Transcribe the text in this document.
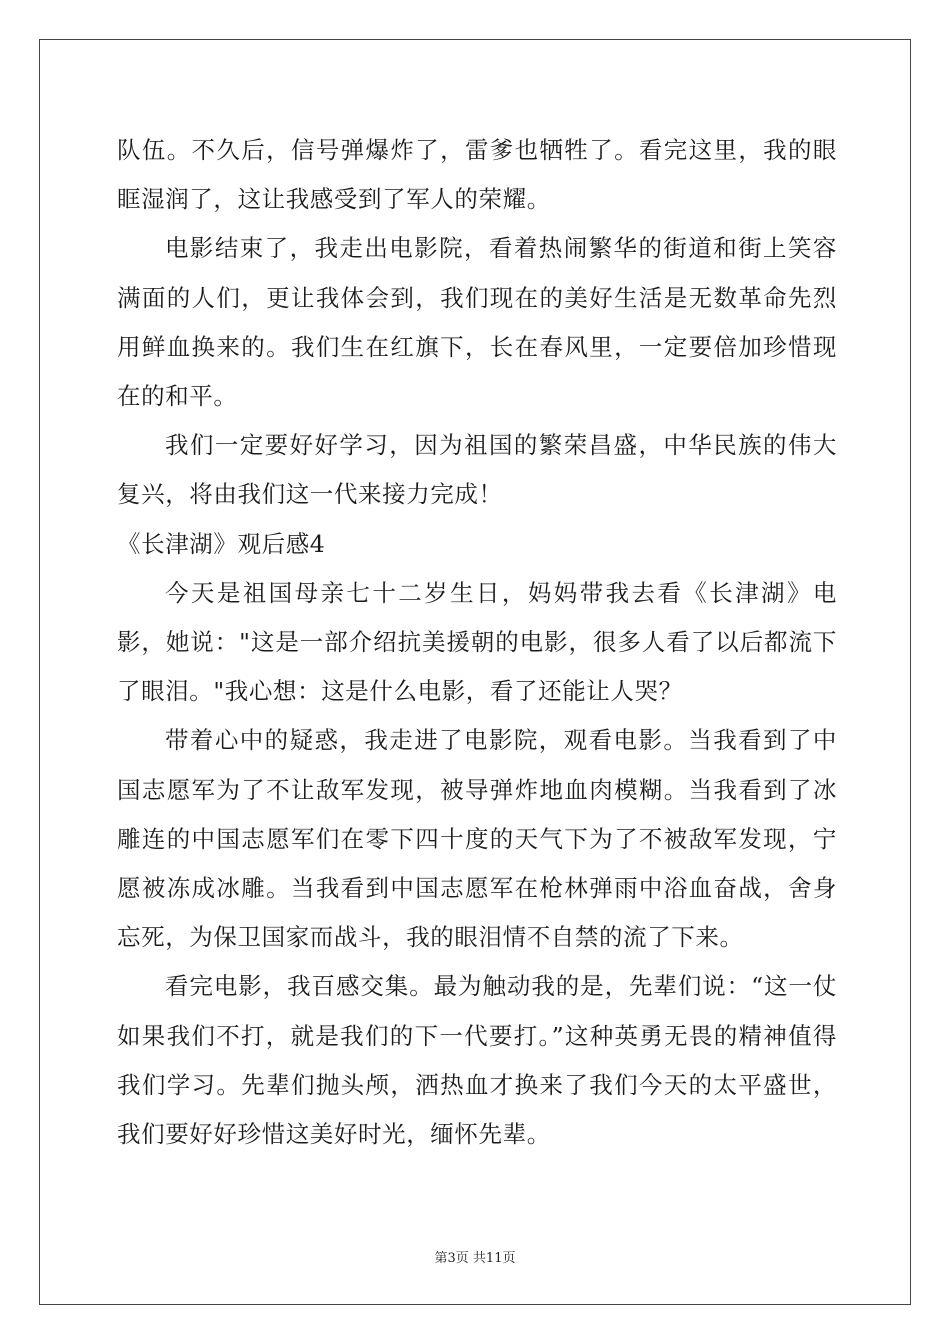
队伍。不久后，信号弹爆炸了，雷爹也牺牲了。看完这里，我的眼眶湿润了，这让我感受到了军人的荣耀。

电影结束了，我走出电影院，看着热闹繁华的街道和街上笑容满面的人们，更让我体会到，我们现在的美好生活是无数革命先烈用鲜血换来的。我们生在红旗下，长在春风里，一定要倍加珍惜现在的和平。

我们一定要好好学习，因为祖国的繁荣昌盛，中华民族的伟大复兴，将由我们这一代来接力完成！

《长津湖》观后感4

今天是祖国母亲七十二岁生日，妈妈带我去看《长津湖》电影，她说："这是一部介绍抗美援朝的电影，很多人看了以后都流下了眼泪。"我心想：这是什么电影，看了还能让人哭？

带着心中的疑惑，我走进了电影院，观看电影。当我看到了中国志愿军为了不让敌军发现，被导弹炸地血肉模糊。当我看到了冰雕连的中国志愿军们在零下四十度的天气下为了不被敌军发现，宁愿被冻成冰雕。当我看到中国志愿军在枪林弹雨中浴血奋战，舍身忘死，为保卫国家而战斗，我的眼泪情不自禁的流了下来。

看完电影，我百感交集。最为触动我的是，先辈们说：“这一仗如果我们不打，就是我们的下一代要打。”这种英勇无畏的精神值得我们学习。先辈们抛头颅，洒热血才换来了我们今天的太平盛世，我们要好好珍惜这美好时光，缅怀先辈。

第3页 共11页
